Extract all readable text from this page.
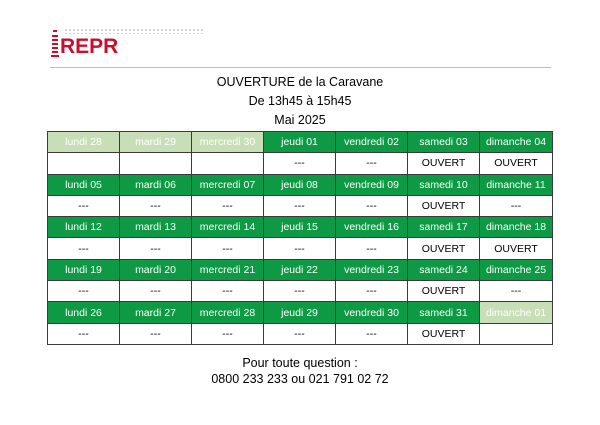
REPR
OUVERTURE de la Caravane
De 13h45 à 15h45
Mai 2025
lundi 28	mardi 29	mercredi 30	jeudi 01	vendredi 02	samedi 03	dimanche 04
			---	---	OUVERT	OUVERT
lundi 05	mardi 06	mercredi 07	jeudi 08	vendredi 09	samedi 10	dimanche 11
---	---	---	---	---	OUVERT	---
lundi 12	mardi 13	mercredi 14	jeudi 15	vendredi 16	samedi 17	dimanche 18
---	---	---	---	---	OUVERT	OUVERT
lundi 19	mardi 20	mercredi 21	jeudi 22	vendredi 23	samedi 24	dimanche 25
---	---	---	---	---	OUVERT	---
lundi 26	mardi 27	mercredi 28	jeudi 29	vendredi 30	samedi 31	dimanche 01
---	---	---	---	---	OUVERT	
Pour toute question :
0800 233 233 ou 021 791 02 72
